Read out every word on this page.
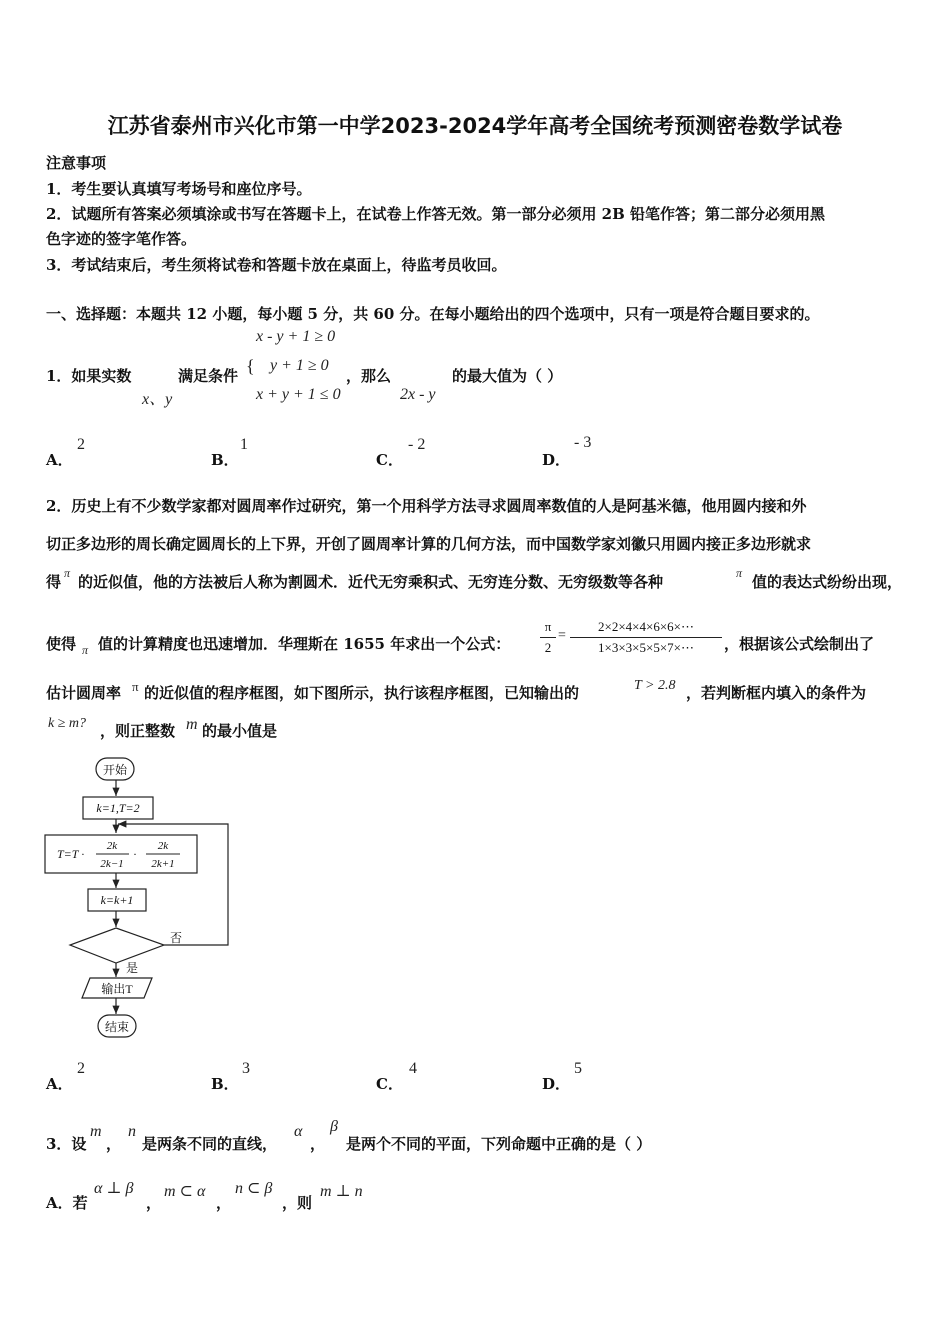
江苏省泰州市兴化市第一中学2023-2024学年高考全国统考预测密卷数学试卷
注意事项
1．考生要认真填写考场号和座位序号。
2．试题所有答案必须填涂或书写在答题卡上，在试卷上作答无效。第一部分必须用 2B 铅笔作答；第二部分必须用黑
色字迹的签字笔作答。
3．考试结束后，考生须将试卷和答题卡放在桌面上，待监考员收回。
一、选择题：本题共 12 小题，每小题 5 分，共 60 分。在每小题给出的四个选项中，只有一项是符合题目要求的。
1．如果实数
x、y
满足条件 {
x - y + 1 ≥ 0
y + 1 ≥ 0
x + y + 1 ≤ 0
，那么
2x - y
的最大值为（ ）
A．
2
B．
1
C．
- 2
D．
- 3
2．历史上有不少数学家都对圆周率作过研究，第一个用科学方法寻求圆周率数值的人是阿基米德，他用圆内接和外
切正多边形的周长确定圆周长的上下界，开创了圆周率计算的几何方法，而中国数学家刘徽只用圆内接正多边形就求
得 π 的近似值，他的方法被后人称为割圆术．近代无穷乘积式、无穷连分数、无穷级数等各种	π 值的表达式纷纷出现，
使得 π 值的计算精度也迅速增加．华理斯在 1655 年求出一个公式：
π
2
=
2×2×4×4×6×6×⋯
1×3×3×5×5×7×⋯	，根据该公式绘制出了
估计圆周率 π 的近似值的程序框图，如下图所示，执行该程序框图，已知输出的	T > 2.8 ，若判断框内填入的条件为
k ≥ m? ，则正整数 m 的最小值是
开始
k=1,T=2
T=T ·
2k
2k−1
·
2k
2k+1
k=k+1
否
是
输出T
结束
A．
2
B．
3
C．
4
D．
5
3．设
m
，
n
是两条不同的直线，
α
，
β
是两个不同的平面，下列命题中正确的是（ ）
A．若
α ⊥ β
，
m ⊂ α
，
n ⊂ β
，则
m ⊥ n
